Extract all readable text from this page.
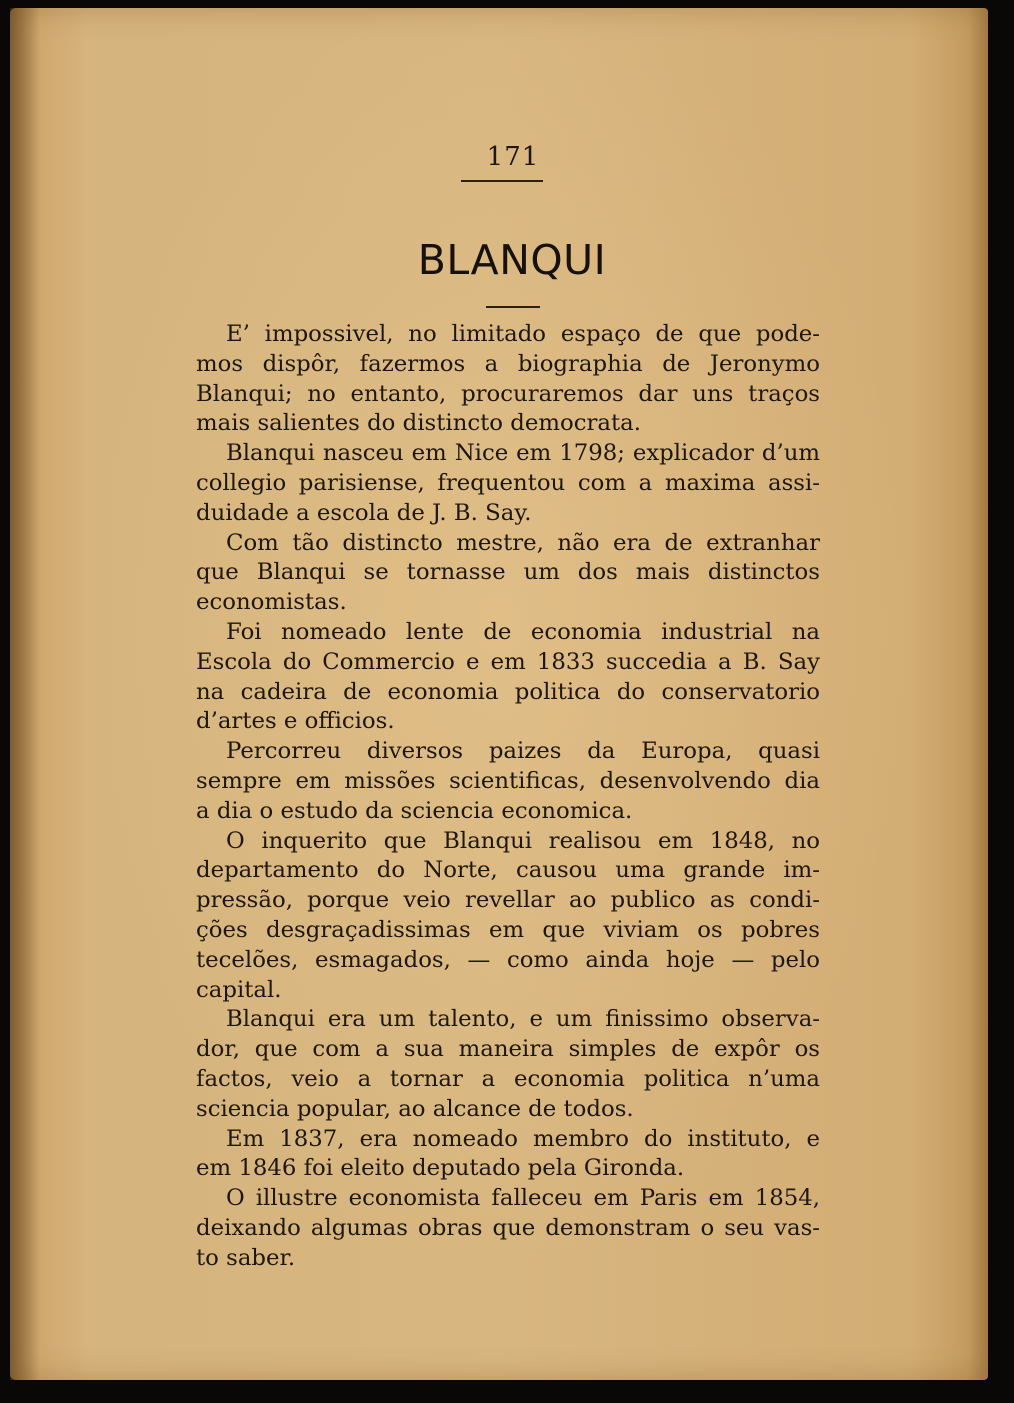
171
BLANQUI
E’ impossivel, no limitado espaço de que pode-
mos dispôr, fazermos a biographia de Jeronymo
Blanqui; no entanto, procuraremos dar uns traços
mais salientes do distincto democrata.
Blanqui nasceu em Nice em 1798; explicador d’um
collegio parisiense, frequentou com a maxima assi-
duidade a escola de J. B. Say.
Com tão distincto mestre, não era de extranhar
que Blanqui se tornasse um dos mais distinctos
economistas.
Foi nomeado lente de economia industrial na
Escola do Commercio e em 1833 succedia a B. Say
na cadeira de economia politica do conservatorio
d’artes e officios.
Percorreu diversos paizes da Europa, quasi
sempre em missões scientificas, desenvolvendo dia
a dia o estudo da sciencia economica.
O inquerito que Blanqui realisou em 1848, no
departamento do Norte, causou uma grande im-
pressão, porque veio revellar ao publico as condi-
ções desgraçadissimas em que viviam os pobres
tecelões, esmagados, — como ainda hoje — pelo
capital.
Blanqui era um talento, e um finissimo observa-
dor, que com a sua maneira simples de expôr os
factos, veio a tornar a economia politica n’uma
sciencia popular, ao alcance de todos.
Em 1837, era nomeado membro do instituto, e
em 1846 foi eleito deputado pela Gironda.
O illustre economista falleceu em Paris em 1854,
deixando algumas obras que demonstram o seu vas-
to saber.
